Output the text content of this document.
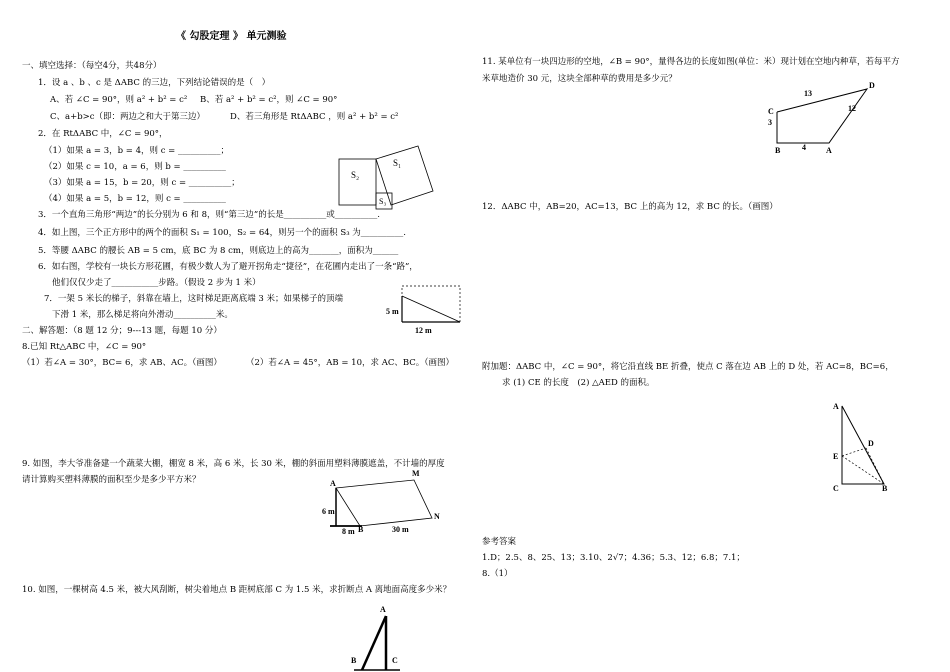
《 勾股定理 》 单元测验
一、填空选择：（每空4分，共48分）
1．设 a 、b 、c 是 ΔABC 的三边，下列结论错误的是（　）
A、若 ∠C = 90°，则 a² + b² = c² B、若 a² + b² = c²，则 ∠C = 90°
C、a+b>c（即：两边之和大于第三边）	D、若三角形是 RtΔABC ，则 a² + b² = c²
2．在 RtΔABC 中，∠C = 90°，
（1）如果 a = 3，b = 4，则 c = __________；
（2）如果 c = 10，a = 6，则 b = __________
（3）如果 a = 15，b = 20，则 c = __________；
（4）如果 a = 5，b = 12，则 c = __________
3．一个直角三角形“两边”的长分别为 6 和 8，则“第三边”的长是__________或__________.
4．如上图，三个正方形中的两个的面积 S₁ = 100，S₂ = 64，则另一个的面积 S₃ 为__________.
5．等腰 ΔABC 的腰长 AB = 5 cm，底 BC 为 8 cm，则底边上的高为_______，面积为______
6．如右图，学校有一块长方形花圃，有极少数人为了避开拐角走“捷径”，在花圃内走出了一条“路”，
他们仅仅少走了___________步路。（假设 2 步为 1 米）
7．一架 5 米长的梯子，斜靠在墙上，这时梯足距离底端 3 米；如果梯子的顶端
下滑 1 米，那么梯足将向外滑动__________米。
二、解答题：（8 题 12 分；9---13 题，每题 10 分）
8.已知 Rt△ABC 中，∠C = 90°
（1）若∠A = 30°，BC= 6，求 AB、AC。（画图）	（2）若∠A = 45°，AB = 10，求 AC、BC。（画图）
9. 如图，李大爷准备建一个蔬菜大棚，棚宽 8 米，高 6 米，长 30 米，棚的斜面用塑料薄膜遮盖，不计墙的厚度
请计算购买塑料薄膜的面积至少是多少平方米？
10. 如图，一棵树高 4.5 米，被大风刮断，树尖着地点 B 距树底部 C 为 1.5 米，求折断点 A 离地面高度多少米？
11. 某单位有一块四边形的空地，∠B = 90°，量得各边的长度如图(单位：米）现计划在空地内种草，若每平方
米草地造价 30 元，这块全部种草的费用是多少元？
12．ΔABC 中，AB=20，AC=13，BC 上的高为 12，求 BC 的长。（画图）
附加题：ΔABC 中，∠C = 90°，将它沿直线 BE 折叠，使点 C 落在边 AB 上的 D 处，若 AC=8，BC=6，
求 (1) CE 的长度　(2) △AED 的面积。
参考答案
1.D；2.5、8、25、13；3.10、2√7；4.36；5.3、12；6.8；7.1；
8.（1）
S₂
S₁
S₃
5 m
12 m
A
M
N
B
6 m
8 m	30 m
A
B	C
C
D
B	A
13
12
3
4
A
E
D
C	B
